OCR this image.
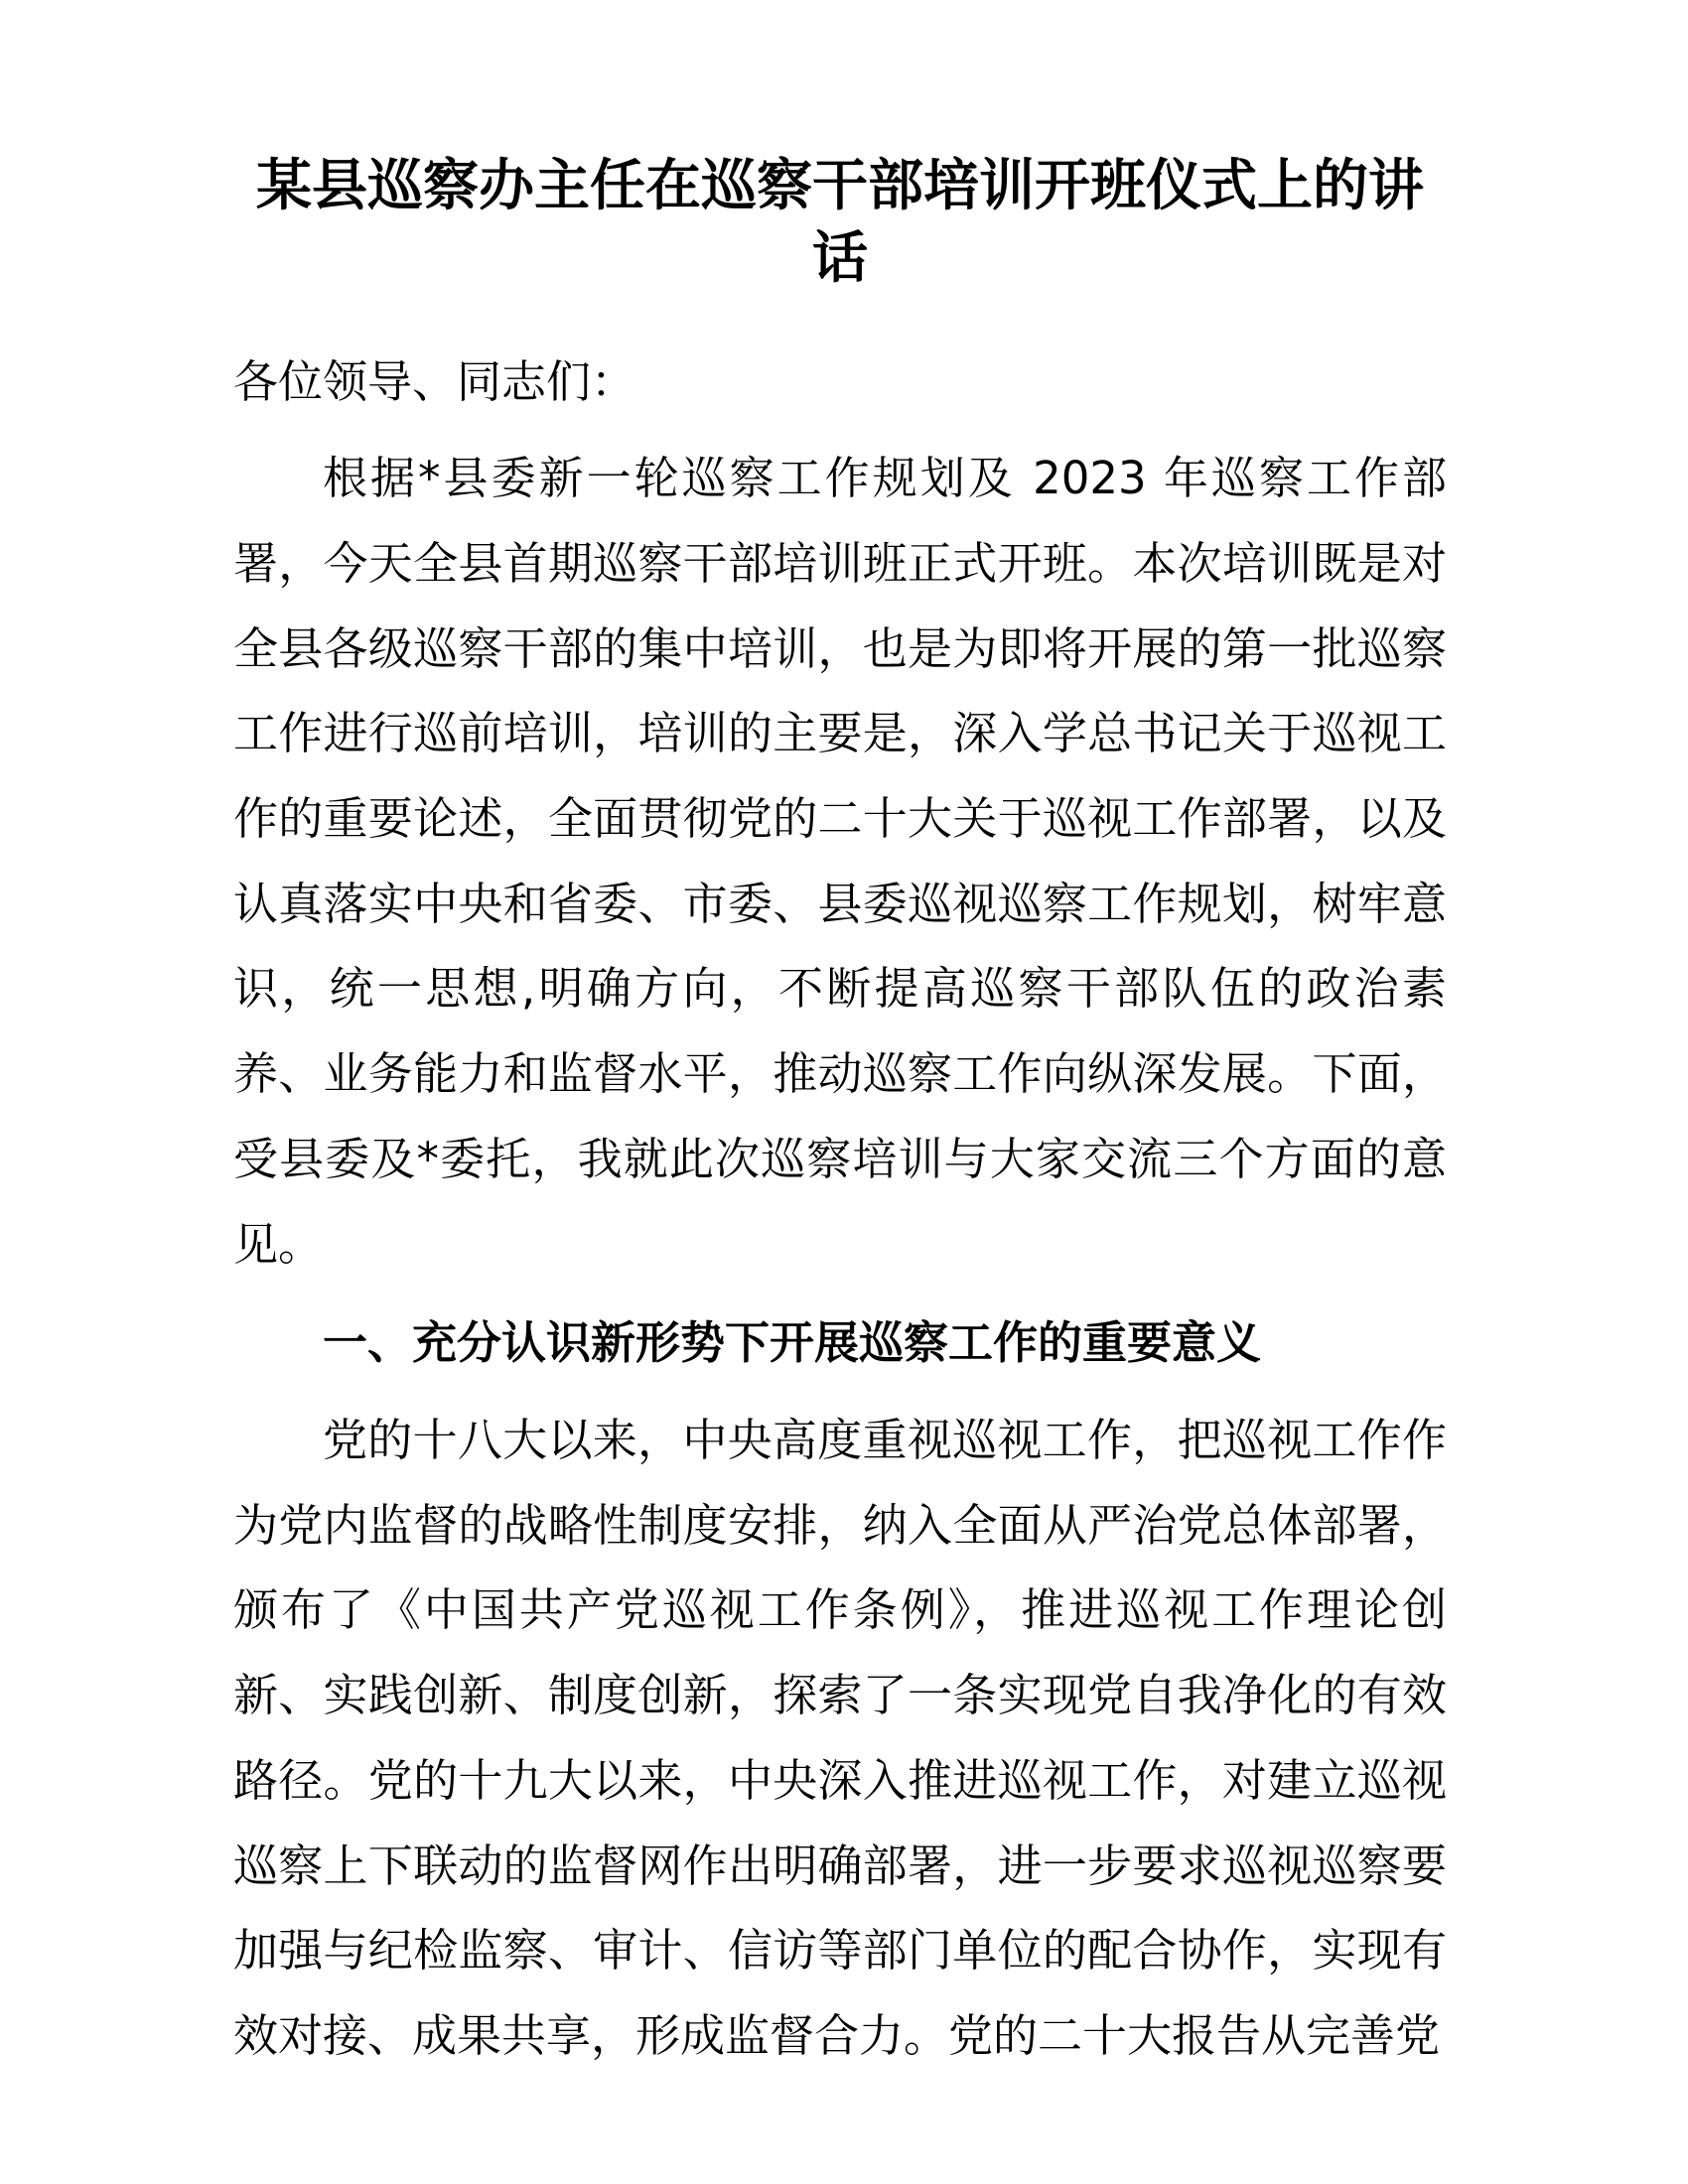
某县巡察办主任在巡察干部培训开班仪式上的讲话

各位领导、同志们：

根据*县委新一轮巡察工作规划及 2023 年巡察工作部署，今天全县首期巡察干部培训班正式开班。本次培训既是对全县各级巡察干部的集中培训，也是为即将开展的第一批巡察工作进行巡前培训，培训的主要是，深入学总书记关于巡视工作的重要论述，全面贯彻党的二十大关于巡视工作部署，以及认真落实中央和省委、市委、县委巡视巡察工作规划，树牢意识，统一思想,明确方向，不断提高巡察干部队伍的政治素养、业务能力和监督水平，推动巡察工作向纵深发展。下面，受县委及*委托，我就此次巡察培训与大家交流三个方面的意见。

一、充分认识新形势下开展巡察工作的重要意义

党的十八大以来，中央高度重视巡视工作，把巡视工作作为党内监督的战略性制度安排，纳入全面从严治党总体部署，颁布了《中国共产党巡视工作条例》，推进巡视工作理论创新、实践创新、制度创新，探索了一条实现党自我净化的有效路径。党的十九大以来，中央深入推进巡视工作，对建立巡视巡察上下联动的监督网作出明确部署，进一步要求巡视巡察要加强与纪检监察、审计、信访等部门单位的配合协作，实现有效对接、成果共享，形成监督合力。党的二十大报告从完善党
